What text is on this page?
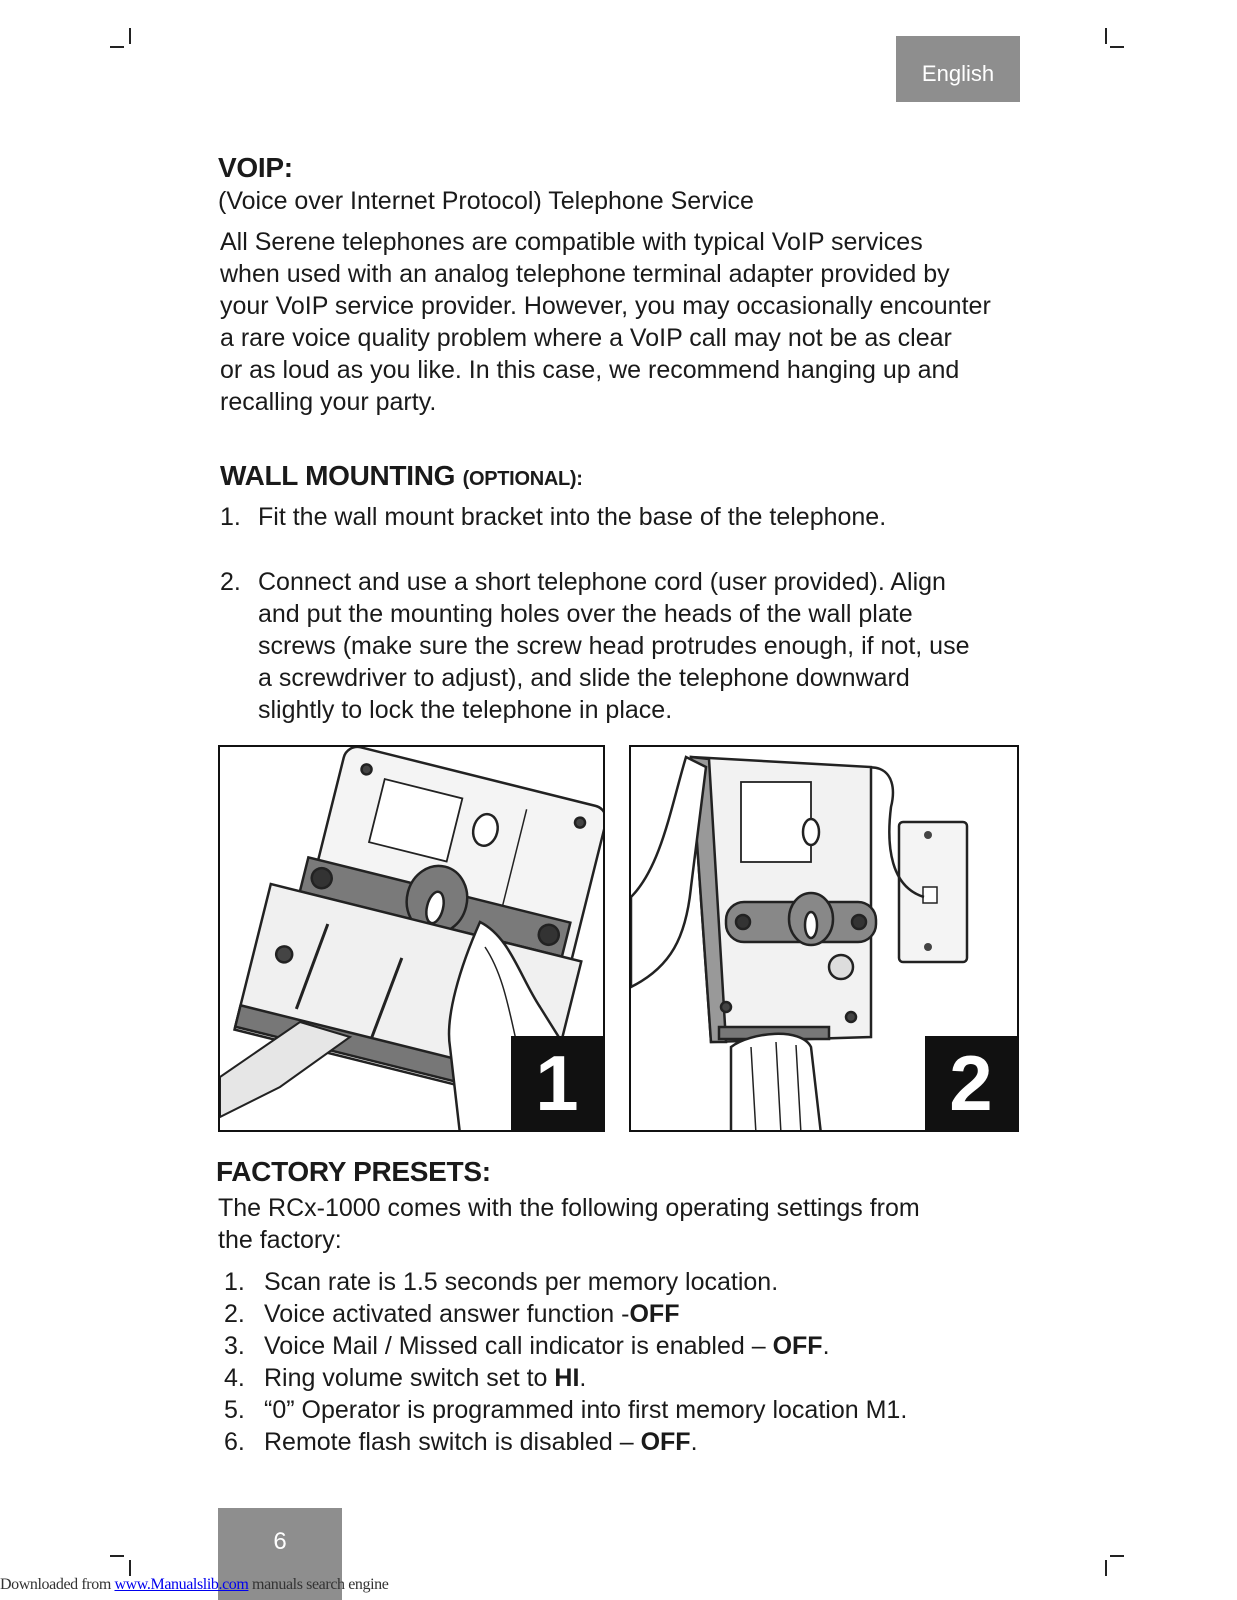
English
VOIP:
(Voice over Internet Protocol) Telephone Service
All Serene telephones are compatible with typical VoIP services
when used with an analog telephone terminal adapter provided by
your VoIP service provider. However, you may occasionally encounter
a rare voice quality problem where a VoIP call may not be as clear
or as loud as you like. In this case, we recommend hanging up and
recalling your party.
WALL MOUNTING (OPTIONAL):
1. Fit the wall mount bracket into the base of the telephone.
2. Connect and use a short telephone cord (user provided). Align
and put the mounting holes over the heads of the wall plate
screws (make sure the screw head protrudes enough, if not, use
a screwdriver to adjust), and slide the telephone downward
slightly to lock the telephone in place.
1	2
FACTORY PRESETS:
The RCx-1000 comes with the following operating settings from
the factory:
1. Scan rate is 1.5 seconds per memory location.
2. Voice activated answer function -OFF
3. Voice Mail / Missed call indicator is enabled – OFF.
4. Ring volume switch set to HI.
5. “0” Operator is programmed into first memory location M1.
6. Remote flash switch is disabled – OFF.
6
Downloaded from www.Manualslib.com manuals search engine
